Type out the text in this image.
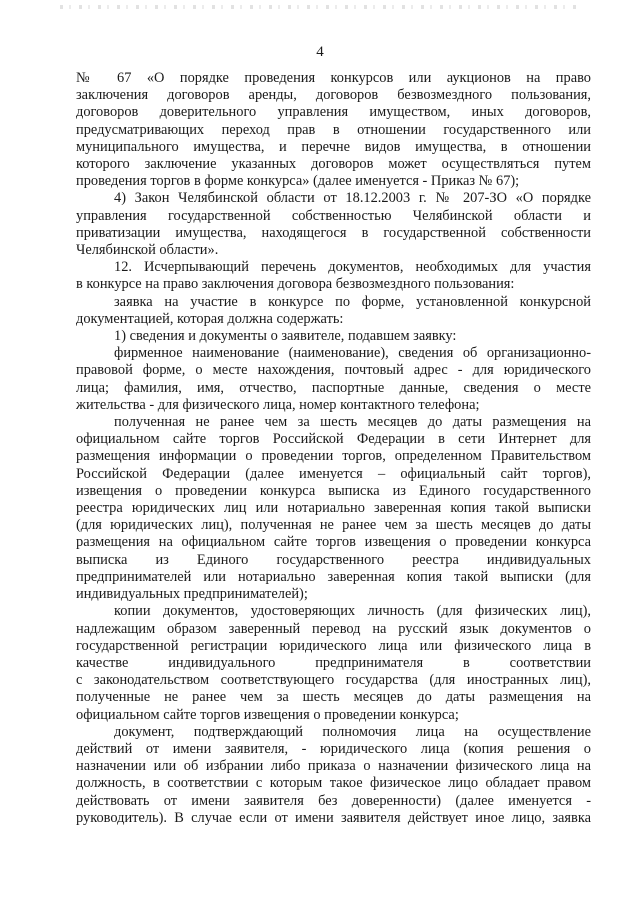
4

№ 67 «О порядке проведения конкурсов или аукционов на право

заключения договоров аренды, договоров безвозмездного пользования,

договоров доверительного управления имуществом, иных договоров,

предусматривающих переход прав в отношении государственного или

муниципального имущества, и перечне видов имущества, в отношении

которого заключение указанных договоров может осуществляться путем

проведения торгов в форме конкурса» (далее именуется - Приказ № 67);

4) Закон Челябинской области от 18.12.2003 г. № 207-ЗО «О порядке

управления государственной собственностью Челябинской области и

приватизации имущества, находящегося в государственной собственности

Челябинской области».

12. Исчерпывающий перечень документов, необходимых для участия

в конкурсе на право заключения договора безвозмездного пользования:

заявка на участие в конкурсе по форме, установленной конкурсной

документацией, которая должна содержать:

1) сведения и документы о заявителе, подавшем заявку:

фирменное наименование (наименование), сведения об организационно-

правовой форме, о месте нахождения, почтовый адрес - для юридического

лица; фамилия, имя, отчество, паспортные данные, сведения о месте

жительства - для физического лица, номер контактного телефона;

полученная не ранее чем за шесть месяцев до даты размещения на

официальном сайте торгов Российской Федерации в сети Интернет для

размещения информации о проведении торгов, определенном Правительством

Российской Федерации (далее именуется – официальный сайт торгов),

извещения о проведении конкурса выписка из Единого государственного

реестра юридических лиц или нотариально заверенная копия такой выписки

(для юридических лиц), полученная не ранее чем за шесть месяцев до даты

размещения на официальном сайте торгов извещения о проведении конкурса

выписка из Единого государственного реестра индивидуальных

предпринимателей или нотариально заверенная копия такой выписки (для

индивидуальных предпринимателей);

копии документов, удостоверяющих личность (для физических лиц),

надлежащим образом заверенный перевод на русский язык документов о

государственной регистрации юридического лица или физического лица в

качестве индивидуального предпринимателя в соответствии

с законодательством соответствующего государства (для иностранных лиц),

полученные не ранее чем за шесть месяцев до даты размещения на

официальном сайте торгов извещения о проведении конкурса;

документ, подтверждающий полномочия лица на осуществление

действий от имени заявителя, - юридического лица (копия решения о

назначении или об избрании либо приказа о назначении физического лица на

должность, в соответствии с которым такое физическое лицо обладает правом

действовать от имени заявителя без доверенности) (далее именуется -

руководитель). В случае если от имени заявителя действует иное лицо, заявка
